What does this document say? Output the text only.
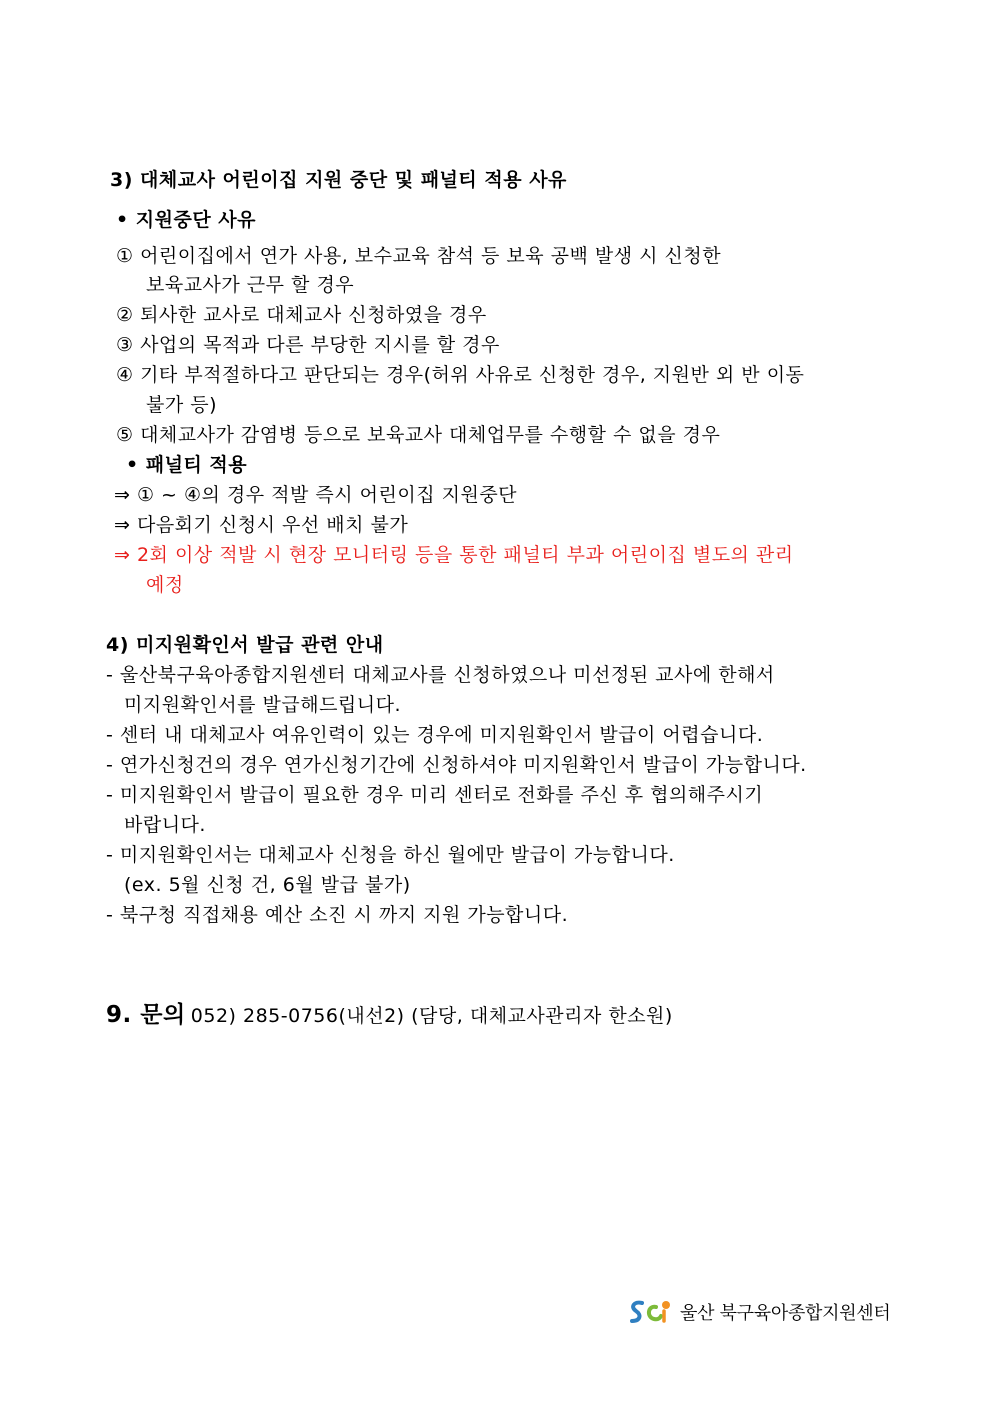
3) 대체교사 어린이집 지원 중단 및 패널티 적용 사유
• 지원중단 사유
① 어린이집에서 연가 사용, 보수교육 참석 등 보육 공백 발생 시 신청한
보육교사가 근무 할 경우
② 퇴사한 교사로 대체교사 신청하였을 경우
③ 사업의 목적과 다른 부당한 지시를 할 경우
④ 기타 부적절하다고 판단되는 경우(허위 사유로 신청한 경우, 지원반 외 반 이동
불가 등)
⑤ 대체교사가 감염병 등으로 보육교사 대체업무를 수행할 수 없을 경우
• 패널티 적용
⇒ ① ~ ④의 경우 적발 즉시 어린이집 지원중단
⇒ 다음회기 신청시 우선 배치 불가
⇒ 2회 이상 적발 시 현장 모니터링 등을 통한 패널티 부과 어린이집 별도의 관리
예정
4) 미지원확인서 발급 관련 안내
- 울산북구육아종합지원센터 대체교사를 신청하였으나 미선정된 교사에 한해서
미지원확인서를 발급해드립니다.
- 센터 내 대체교사 여유인력이 있는 경우에 미지원확인서 발급이 어렵습니다.
- 연가신청건의 경우 연가신청기간에 신청하셔야 미지원확인서 발급이 가능합니다.
- 미지원확인서 발급이 필요한 경우 미리 센터로 전화를 주신 후 협의해주시기
바랍니다.
- 미지원확인서는 대체교사 신청을 하신 월에만 발급이 가능합니다.
(ex. 5월 신청 건, 6월 발급 불가)
- 북구청 직접채용 예산 소진 시 까지 지원 가능합니다.
9. 문의 052) 285-0756(내선2) (담당, 대체교사관리자 한소원)
울산 북구육아종합지원센터
